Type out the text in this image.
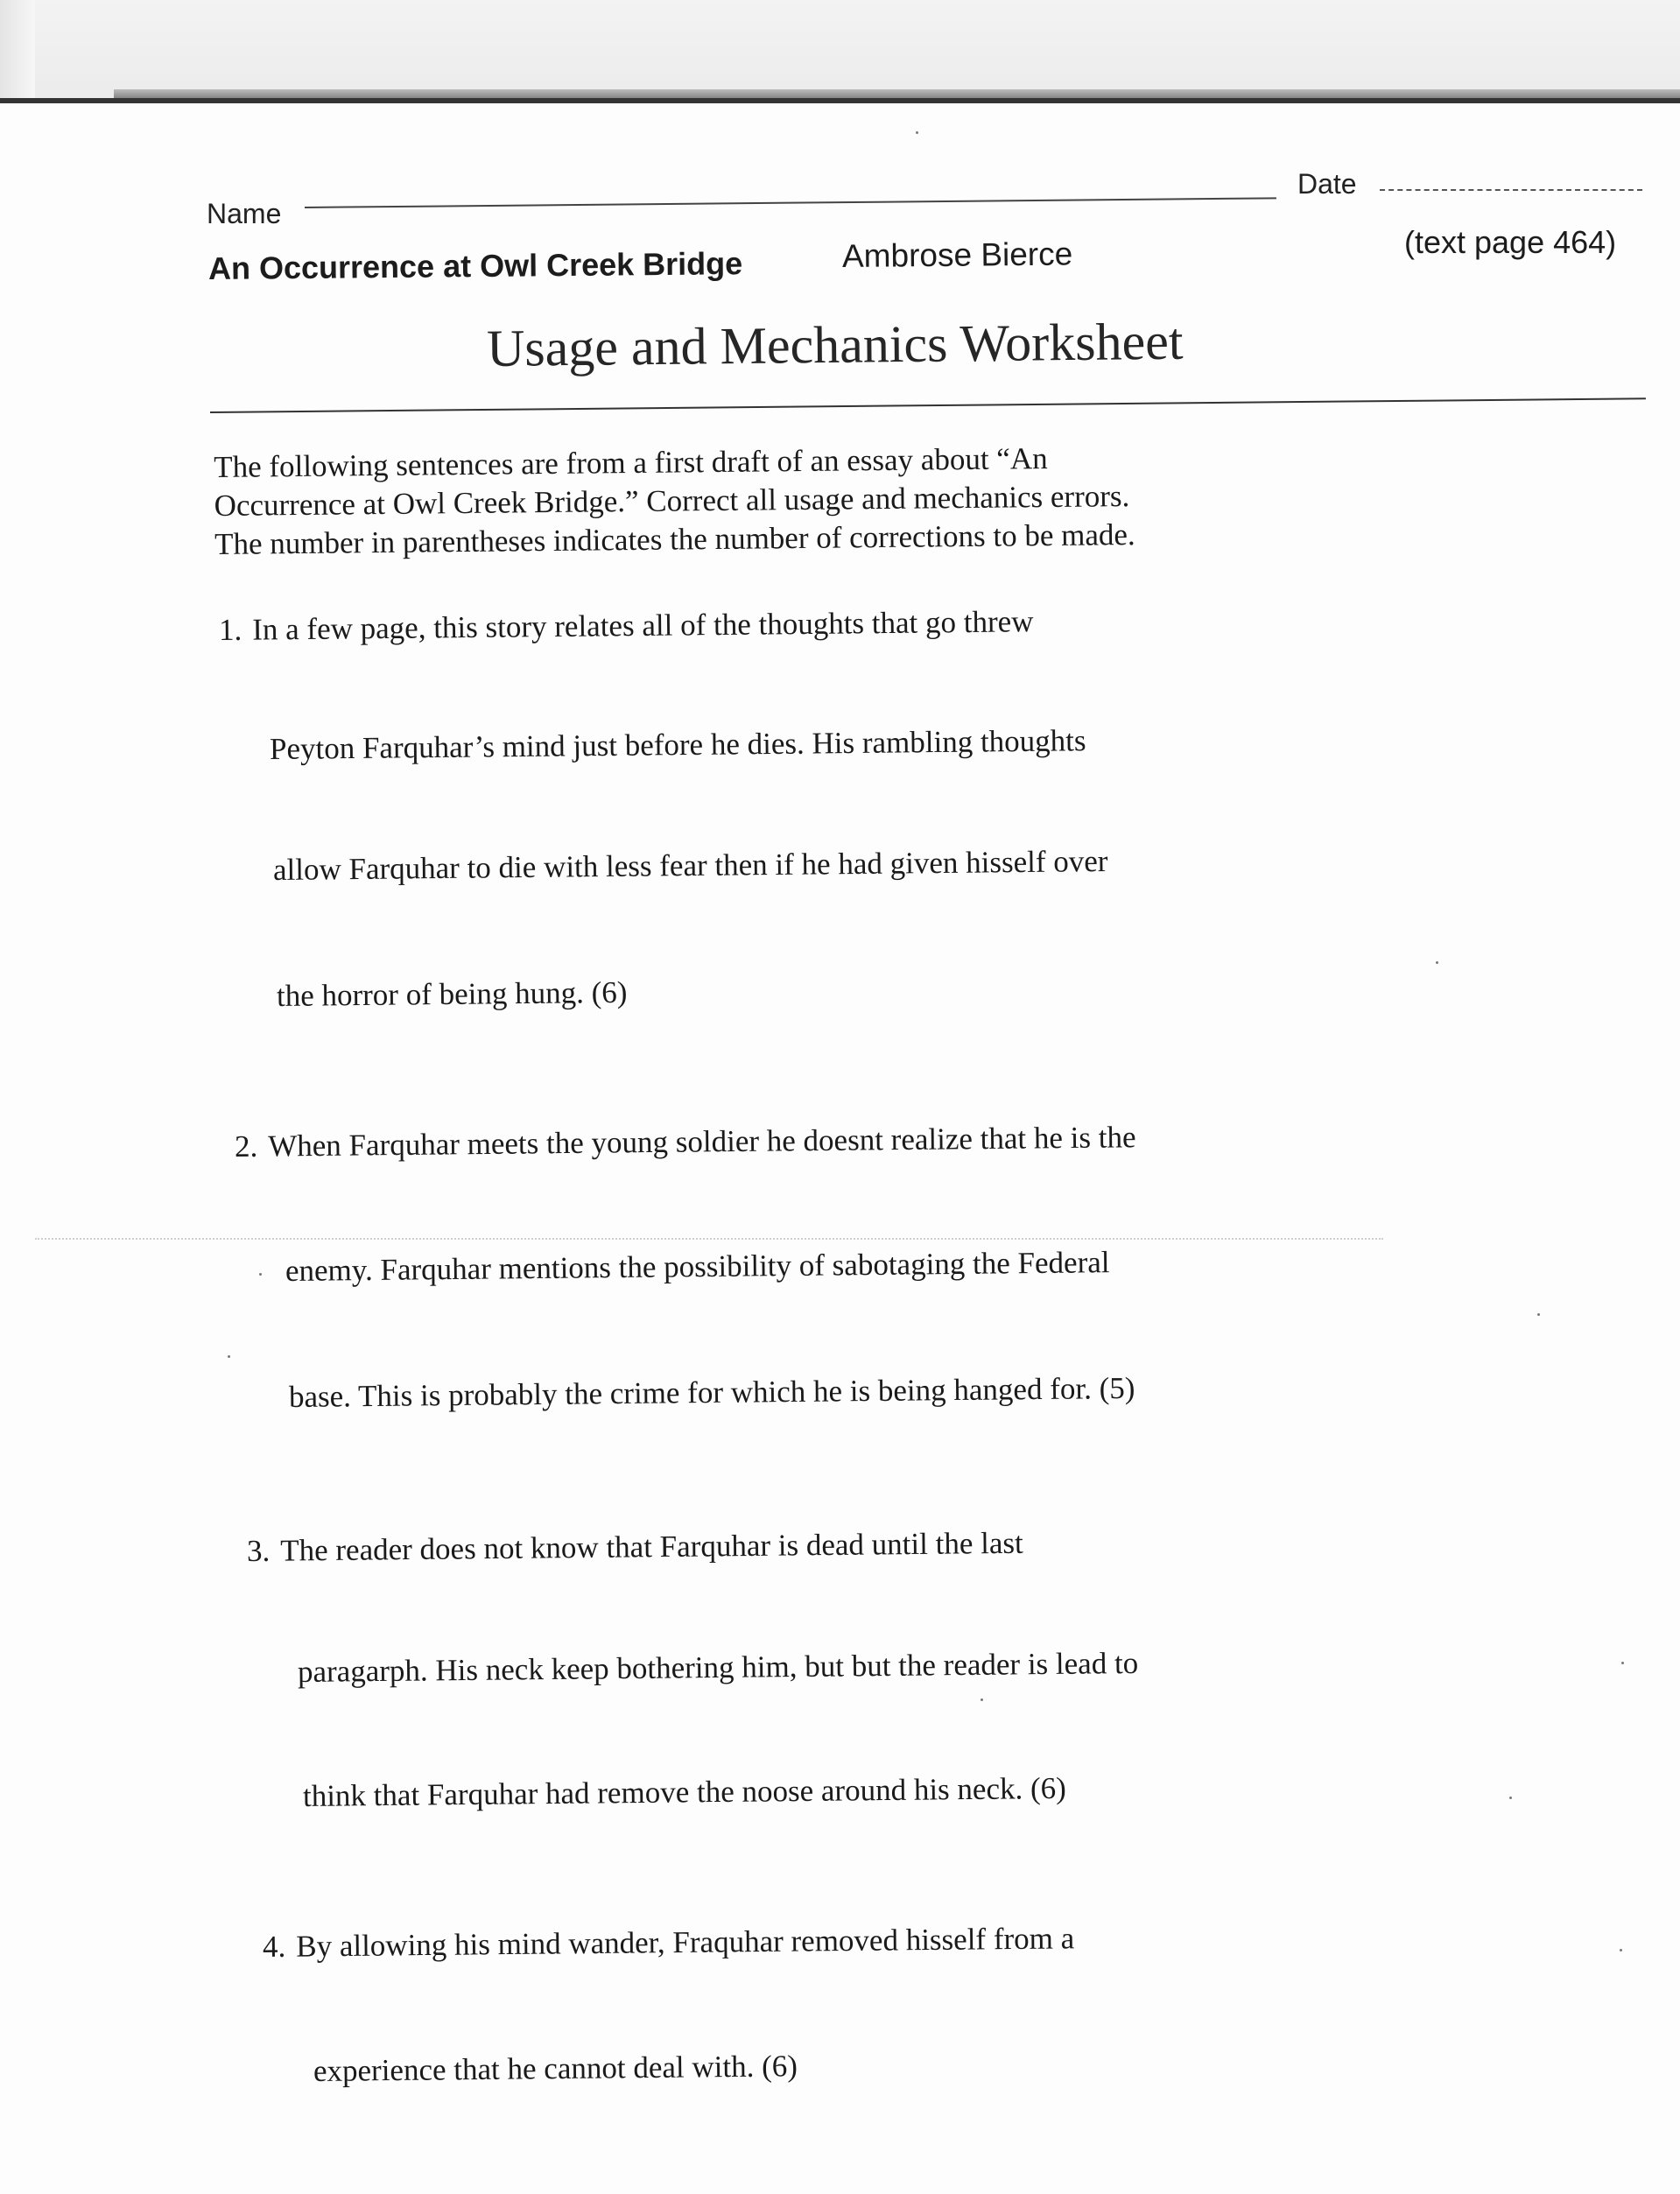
Name
Date
An Occurrence at Owl Creek Bridge	Ambrose Bierce	(text page 464)
Usage and Mechanics Worksheet

The following sentences are from a first draft of an essay about “An

Occurrence at Owl Creek Bridge.” Correct all usage and mechanics errors.

The number in parentheses indicates the number of corrections to be made.

1. In a few page, this story relates all of the thoughts that go threw
Peyton Farquhar’s mind just before he dies. His rambling thoughts
allow Farquhar to die with less fear then if he had given hisself over
the horror of being hung. (6)
2. When Farquhar meets the young soldier he doesnt realize that he is the
enemy. Farquhar mentions the possibility of sabotaging the Federal
base. This is probably the crime for which he is being hanged for. (5)
3. The reader does not know that Farquhar is dead until the last
paragarph. His neck keep bothering him, but but the reader is lead to
think that Farquhar had remove the noose around his neck. (6)
4. By allowing his mind wander, Fraquhar removed hisself from a
experience that he cannot deal with. (6)
